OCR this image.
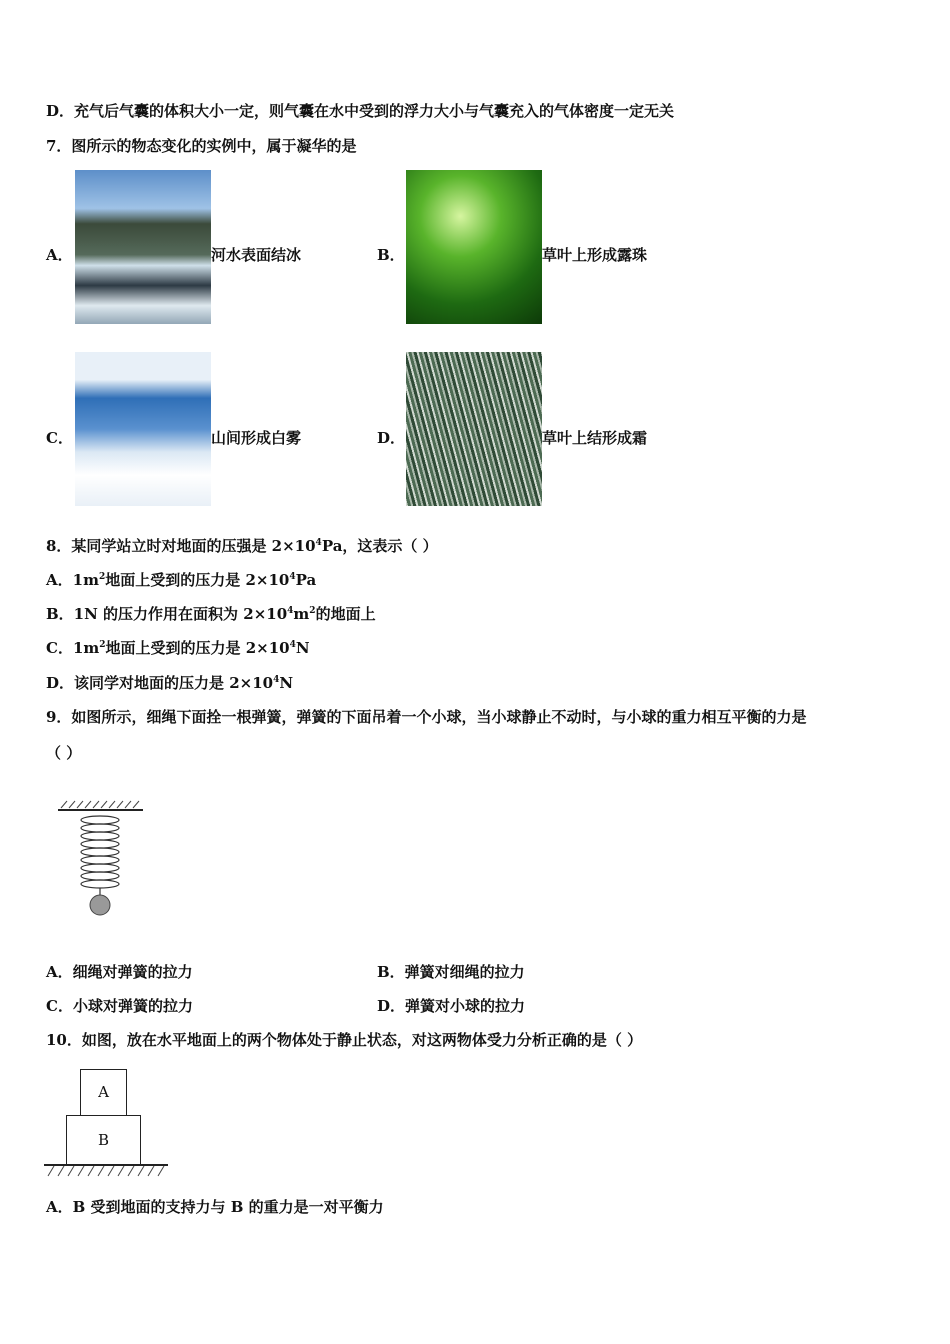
D．充气后气囊的体积大小一定，则气囊在水中受到的浮力大小与气囊充入的气体密度一定无关
7．图所示的物态变化的实例中，属于凝华的是
A．	河水表面结冰	B．	草叶上形成露珠
C．	山间形成白雾	D．	草叶上结形成霜
8．某同学站立时对地面的压强是 $2\times 10^4Pa$，这表示（ ）
A．$1m^2$地面上受到的压力是 $2\times 10^4Pa$
B．1N 的压力作用在面积为 $2\times 10^4m^2$的地面上
C．$1m^2$地面上受到的压力是 $2\times 10^4N$
D．该同学对地面的压力是 $2\times 10^4N$
9．如图所示，细绳下面拴一根弹簧，弹簧的下面吊着一个小球，当小球静止不动时，与小球的重力相互平衡的力是
（ ）
A．细绳对弹簧的拉力	B．弹簧对细绳的拉力
C．小球对弹簧的拉力	D．弹簧对小球的拉力
10．如图，放在水平地面上的两个物体处于静止状态，对这两物体受力分析正确的是（ ）
A
B
A．B 受到地面的支持力与 B 的重力是一对平衡力
